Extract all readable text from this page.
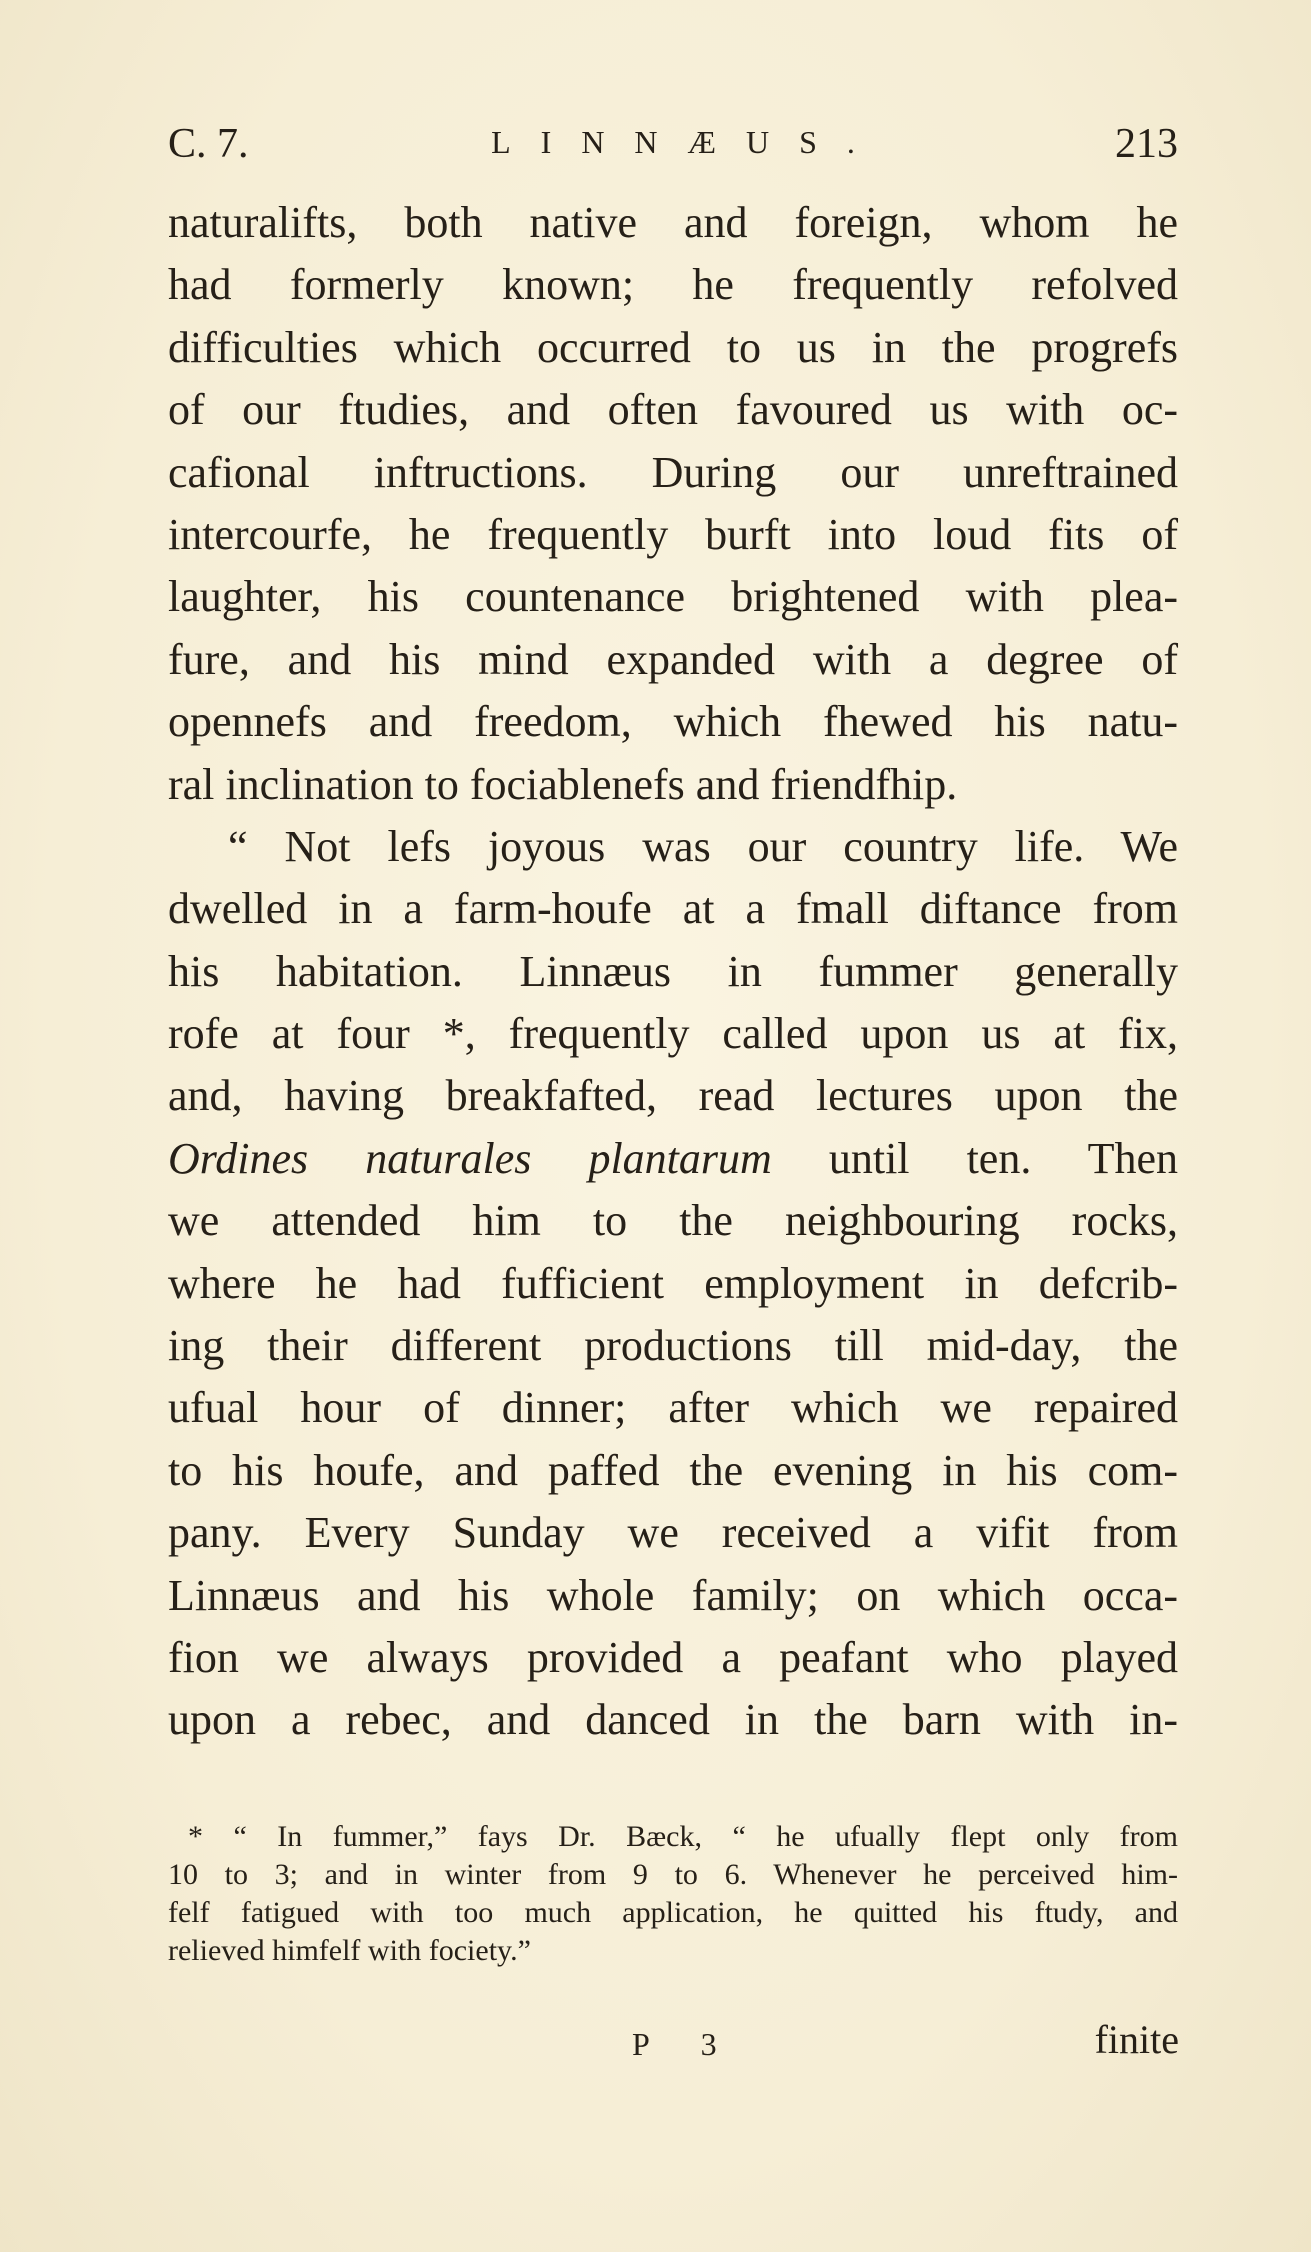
C. 7.	LINNÆUS.	213
naturalifts, both native and foreign, whom he
had formerly known; he frequently refolved
difficulties which occurred to us in the progrefs
of our ftudies, and often favoured us with oc-
cafional inftructions. During our unreftrained
intercourfe, he frequently burft into loud fits of
laughter, his countenance brightened with plea-
fure, and his mind expanded with a degree of
opennefs and freedom, which fhewed his natu-
ral inclination to fociablenefs and friendfhip.
“ Not lefs joyous was our country life. We
dwelled in a farm-houfe at a fmall diftance from
his habitation. Linnæus in fummer generally
rofe at four *, frequently called upon us at fix,
and, having breakfafted, read lectures upon the
Ordines naturales plantarum until ten. Then
we attended him to the neighbouring rocks,
where he had fufficient employment in defcrib-
ing their different productions till mid-day, the
ufual hour of dinner; after which we repaired
to his houfe, and paffed the evening in his com-
pany. Every Sunday we received a vifit from
Linnæus and his whole family; on which occa-
fion we always provided a peafant who played
upon a rebec, and danced in the barn with in-
* “ In fummer,” fays Dr. Bæck, “ he ufually flept only from
10 to 3; and in winter from 9 to 6. Whenever he perceived him-
felf fatigued with too much application, he quitted his ftudy, and
relieved himfelf with fociety.”
P 3	finite
